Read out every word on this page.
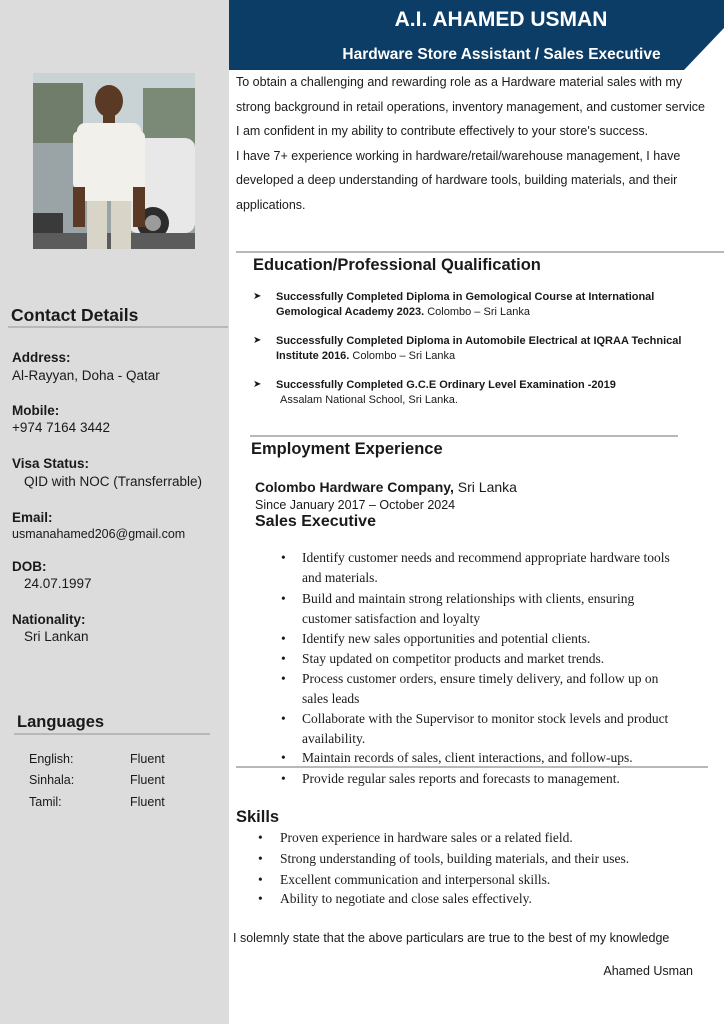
A.I. AHAMED USMAN
Hardware Store Assistant / Sales Executive

To obtain a challenging and rewarding role as a Hardware material sales with my strong background in retail operations, inventory management, and customer service I am confident in my ability to contribute effectively to your store's success.

I have 7+ experience working in hardware/retail/warehouse management, I have developed a deep understanding of hardware tools, building materials, and their applications.

Contact Details
Address:
Al-Rayyan, Doha - Qatar
Mobile:
+974 7164 3442
Visa Status:
QID with NOC (Transferrable)
Email:
usmanahamed206@gmail.com
DOB:
24.07.1997
Nationality:
Sri Lankan
Languages
English:	Fluent
Sinhala:	Fluent
Tamil:	Fluent
Education/Professional Qualification
➤ Successfully Completed Diploma in Gemological Course at International Gemological Academy 2023. Colombo – Sri Lanka
➤ Successfully Completed Diploma in Automobile Electrical at IQRAA Technical Institute 2016. Colombo – Sri Lanka
➤ Successfully Completed G.C.E Ordinary Level Examination -2019
Assalam National School, Sri Lanka.
Employment Experience
Colombo Hardware Company, Sri Lanka
Since January 2017 – October 2024
Sales Executive
• Identify customer needs and recommend appropriate hardware tools and materials.
• Build and maintain strong relationships with clients, ensuring customer satisfaction and loyalty
• Identify new sales opportunities and potential clients.
• Stay updated on competitor products and market trends.
• Process customer orders, ensure timely delivery, and follow up on sales leads
• Collaborate with the Supervisor to monitor stock levels and product availability.
• Maintain records of sales, client interactions, and follow-ups.
• Provide regular sales reports and forecasts to management.
Skills
• Proven experience in hardware sales or a related field.
• Strong understanding of tools, building materials, and their uses.
• Excellent communication and interpersonal skills.
• Ability to negotiate and close sales effectively.
I solemnly state that the above particulars are true to the best of my knowledge
Ahamed Usman
